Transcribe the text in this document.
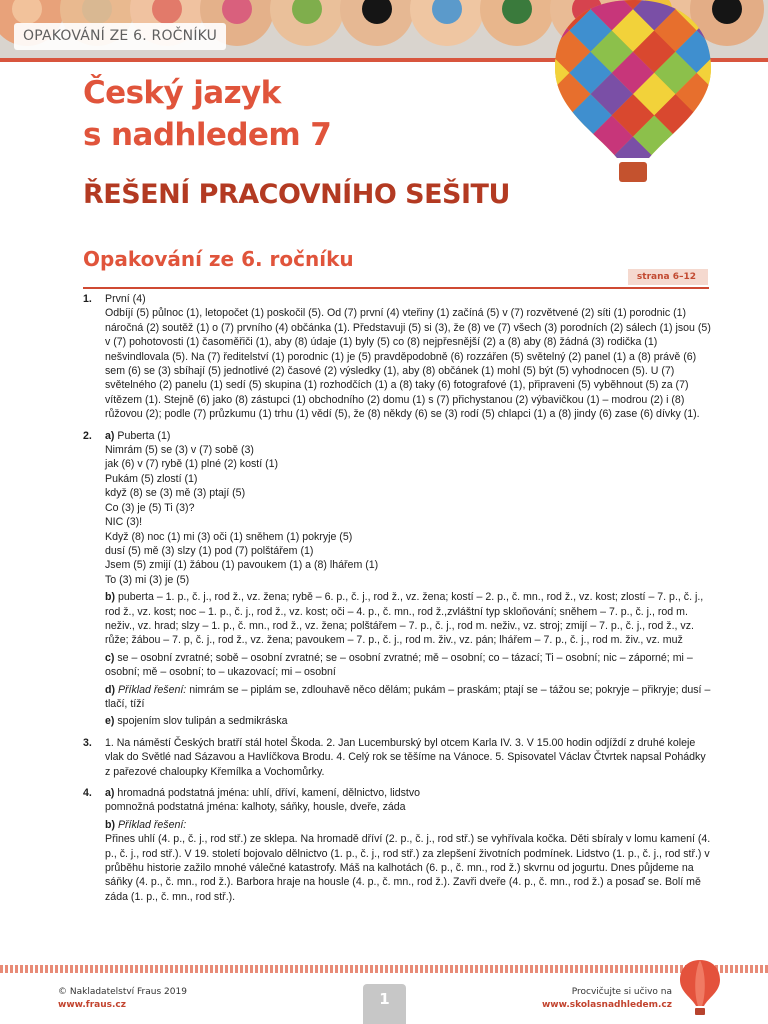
OPAKOVÁNÍ ZE 6. ROČNÍKU
Český jazyk
s nadhledem 7
ŘEŠENÍ PRACOVNÍHO SEŠITU
Opakování ze 6. ročníku
strana 6–12
1.	První (4)
Odbíjí (5) půlnoc (1), letopočet (1) poskočil (5). Od (7) první (4) vteřiny (1) začíná (5) v (7) rozvětvené (2) síti (1) porodnic (1) náročná (2) soutěž (1) o (7) prvního (4) občánka (1). Představuji (5) si (3), že (8) ve (7) všech (3) porodních (2) sálech (1) jsou (5) v (7) pohotovosti (1) časoměřiči (1), aby (8) údaje (1) byly (5) co (8) nejpřesnější (2) a (8) aby (8) žádná (3) rodička (1) nešvindlovala (5). Na (7) ředitelství (1) porodnic (1) je (5) pravděpodobně (6) rozzářen (5) světelný (2) panel (1) a (8) právě (6) sem (6) se (3) sbíhají (5) jednotlivé (2) časové (2) výsledky (1), aby (8) občánek (1) mohl (5) být (5) vyhodnocen (5). U (7) světelného (2) panelu (1) sedí (5) skupina (1) rozhodčích (1) a (8) taky (6) fotografové (1), připraveni (5) vyběhnout (5) za (7) vítězem (1). Stejně (6) jako (8) zástupci (1) obchodního (2) domu (1) s (7) přichystanou (2) výbavičkou (1) – modrou (2) i (8) růžovou (2); podle (7) průzkumu (1) trhu (1) vědí (5), že (8) někdy (6) se (3) rodí (5) chlapci (1) a (8) jindy (6) zase (6) dívky (1).
2.	a) Puberta (1)
Nimrám (5) se (3) v (7) sobě (3)
jak (6) v (7) rybě (1) plné (2) kostí (1)
Pukám (5) zlostí (1)
když (8) se (3) mě (3) ptají (5)
Co (3) je (5) Ti (3)?
NIC (3)!
Když (8) noc (1) mi (3) oči (1) sněhem (1) pokryje (5)
dusí (5) mě (3) slzy (1) pod (7) polštářem (1)
Jsem (5) zmijí (1) žábou (1) pavoukem (1) a (8) lhářem (1)
To (3) mi (3) je (5)
b) puberta – 1. p., č. j., rod ž., vz. žena; rybě – 6. p., č. j., rod ž., vz. žena; kostí – 2. p., č. mn., rod ž., vz. kost; zlostí – 7. p., č. j., rod ž., vz. kost; noc – 1. p., č. j., rod ž., vz. kost; oči – 4. p., č. mn., rod ž.,zvláštní typ skloňování; sněhem – 7. p., č. j., rod m. neživ., vz. hrad; slzy – 1. p., č. mn., rod ž., vz. žena; polštářem – 7. p., č. j., rod m. neživ., vz. stroj; zmijí – 7. p., č. j., rod ž., vz. růže; žábou – 7. p, č. j., rod ž., vz. žena; pavoukem – 7. p., č. j., rod m. živ., vz. pán; lhářem – 7. p., č. j., rod m. živ., vz. muž
c) se – osobní zvratné; sobě – osobní zvratné; se – osobní zvratné; mě – osobní; co – tázací; Ti – osobní; nic – záporné; mi – osobní; mě – osobní; to – ukazovací; mi – osobní
d) Příklad řešení: nimrám se – piplám se, zdlouhavě něco dělám; pukám – praskám; ptají se – tážou se; pokryje – přikryje; dusí – tlačí, tíží
e) spojením slov tulipán a sedmikráska
3.	1. Na náměstí Českých bratří stál hotel Škoda. 2. Jan Lucemburský byl otcem Karla IV. 3. V 15.00 hodin odjíždí z druhé koleje vlak do Světlé nad Sázavou a Havlíčkova Brodu. 4. Celý rok se těšíme na Vánoce. 5. Spisovatel Václav Čtvrtek napsal Pohádky z pařezové chaloupky Křemílka a Vochomůrky.
4.	a) hromadná podstatná jména: uhlí, dříví, kamení, dělnictvo, lidstvo
pomnožná podstatná jména: kalhoty, sáňky, housle, dveře, záda
b) Příklad řešení:
Přines uhlí (4. p., č. j., rod stř.) ze sklepa. Na hromadě dříví (2. p., č. j., rod stř.) se vyhřívala kočka. Děti sbíraly v lomu kamení (4. p., č. j., rod stř.). V 19. století bojovalo dělnictvo (1. p., č. j., rod stř.) za zlepšení životních podmínek. Lidstvo (1. p., č. j., rod stř.) v průběhu historie zažilo mnohé válečné katastrofy. Máš na kalhotách (6. p., č. mn., rod ž.) skvrnu od jogurtu. Dnes půjdeme na sáňky (4. p., č. mn., rod ž.). Barbora hraje na housle (4. p., č. mn., rod ž.). Zavři dveře (4. p., č. mn., rod ž.) a posaď se. Bolí mě záda (1. p., č. mn., rod stř.).
© Nakladatelství Fraus 2019
www.fraus.cz	1	Procvičujte si učivo na
www.skolasnadhledem.cz
